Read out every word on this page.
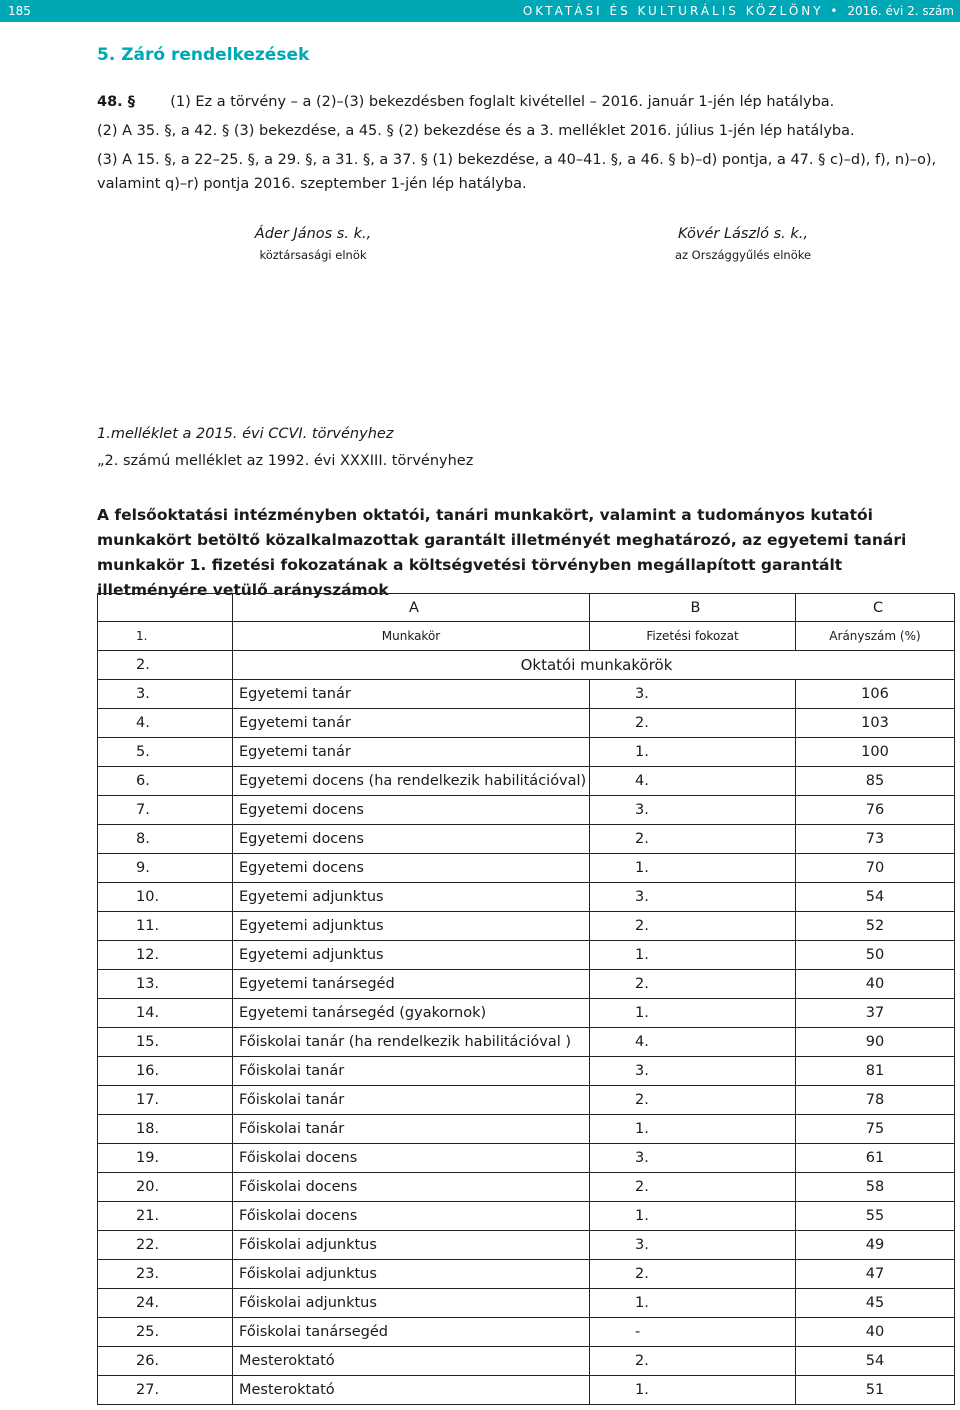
185	OKTATÁSI ÉS KULTURÁLIS KÖZLÖNY • 2016. évi 2. szám
5. Záró rendelkezések
48. § (1) Ez a törvény – a (2)–(3) bekezdésben foglalt kivétellel – 2016. január 1-jén lép hatályba.
(2) A 35. §, a 42. § (3) bekezdése, a 45. § (2) bekezdése és a 3. melléklet 2016. július 1-jén lép hatályba.
(3) A 15. §, a 22–25. §, a 29. §, a 31. §, a 37. § (1) bekezdése, a 40–41. §, a 46. § b)–d) pontja, a 47. § c)–d), f), n)–o),
valamint q)–r) pontja 2016. szeptember 1-jén lép hatályba.
Áder János s. k.,
köztársasági elnök
Kövér László s. k.,
az Országgyűlés elnöke
1.melléklet a 2015. évi CCVI. törvényhez
„2. számú melléklet az 1992. évi XXXIII. törvényhez
A felsőoktatási intézményben oktatói, tanári munkakört, valamint a tudományos kutatói munkakört betöltő közalkalmazottak garantált illetményét meghatározó, az egyetemi tanári munkakör 1. fizetési fokozatának a költségvetési törvényben megállapított garantált illetményére vetülő arányszámok
	A	B	C
1.	Munkakör	Fizetési fokozat	Arányszám (%)
2.	Oktatói munkakörök		
3.	Egyetemi tanár	3.	106
4.	Egyetemi tanár	2.	103
5.	Egyetemi tanár	1.	100
6.	Egyetemi docens (ha rendelkezik habilitációval)	4.	85
7.	Egyetemi docens	3.	76
8.	Egyetemi docens	2.	73
9.	Egyetemi docens	1.	70
10.	Egyetemi adjunktus	3.	54
11.	Egyetemi adjunktus	2.	52
12.	Egyetemi adjunktus	1.	50
13.	Egyetemi tanársegéd	2.	40
14.	Egyetemi tanársegéd (gyakornok)	1.	37
15.	Főiskolai tanár (ha rendelkezik habilitációval )	4.	90
16.	Főiskolai tanár	3.	81
17.	Főiskolai tanár	2.	78
18.	Főiskolai tanár	1.	75
19.	Főiskolai docens	3.	61
20.	Főiskolai docens	2.	58
21.	Főiskolai docens	1.	55
22.	Főiskolai adjunktus	3.	49
23.	Főiskolai adjunktus	2.	47
24.	Főiskolai adjunktus	1.	45
25.	Főiskolai tanársegéd	-	40
26.	Mesteroktató	2.	54
27.	Mesteroktató	1.	51
